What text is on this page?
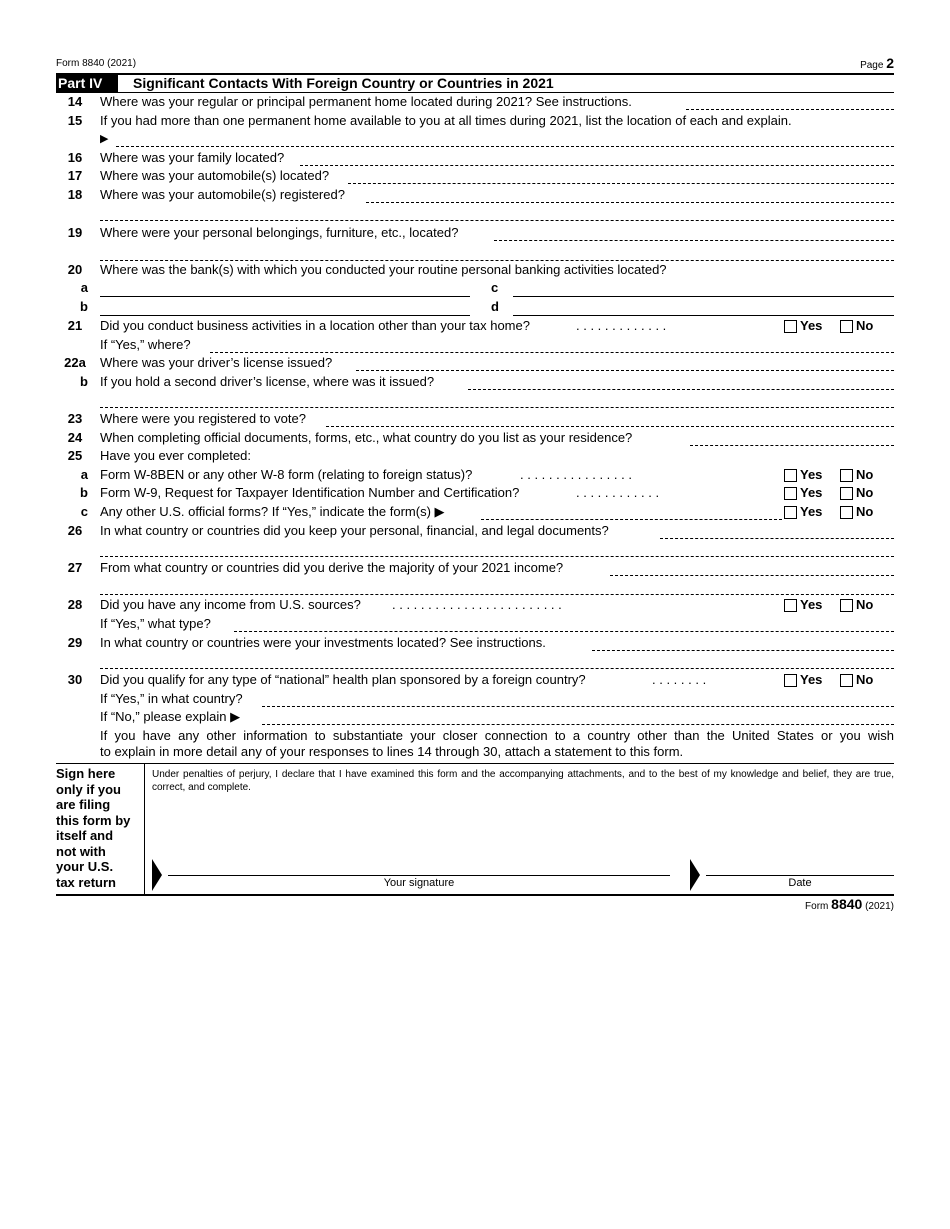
Form 8840 (2021)	Page 2
Part IV	Significant Contacts With Foreign Country or Countries in 2021
14	Where was your regular or principal permanent home located during 2021? See instructions.
15	If you had more than one permanent home available to you at all times during 2021, list the location of each and explain.
▶
16	Where was your family located?
17	Where was your automobile(s) located?
18	Where was your automobile(s) registered?
19	Where were your personal belongings, furniture, etc., located?
20	Where was the bank(s) with which you conducted your routine personal banking activities located?
a	c
b	d
21	Did you conduct business activities in a location other than your tax home?	. . . . . . . . . . . . .	Yes	No
If “Yes,” where?
22a	Where was your driver’s license issued?
b If you hold a second driver’s license, where was it issued?
23	Where were you registered to vote?
24	When completing official documents, forms, etc., what country do you list as your residence?
25	Have you ever completed:
a Form W-8BEN or any other W-8 form (relating to foreign status)?	. . . . . . . . . . . . . . . .	Yes	No
b Form W-9, Request for Taxpayer Identification Number and Certification?	. . . . . . . . . . . .	Yes	No
c Any other U.S. official forms? If “Yes,” indicate the form(s) ▶	Yes	No
26	In what country or countries did you keep your personal, financial, and legal documents?
27	From what country or countries did you derive the majority of your 2021 income?
28	Did you have any income from U.S. sources? . . . . . . . . . . . . . . . . . . . . . . . .	Yes	No
If “Yes,” what type?
29	In what country or countries were your investments located? See instructions.
30	Did you qualify for any type of “national” health plan sponsored by a foreign country?	. . . . . . . .	Yes	No
If “Yes,” in what country?
If “No,” please explain ▶
If you have any other information to substantiate your closer connection to a country other than the United States or you wish
to explain in more detail any of your responses to lines 14 through 30, attach a statement to this form.
Sign here
only if you
are filing
this form by
itself and
not with
your U.S.
tax return
Under penalties of perjury, I declare that I have examined this form and the accompanying attachments, and to the best of my knowledge and belief, they are true, correct, and complete.
Your signature	Date
Form 8840 (2021)
